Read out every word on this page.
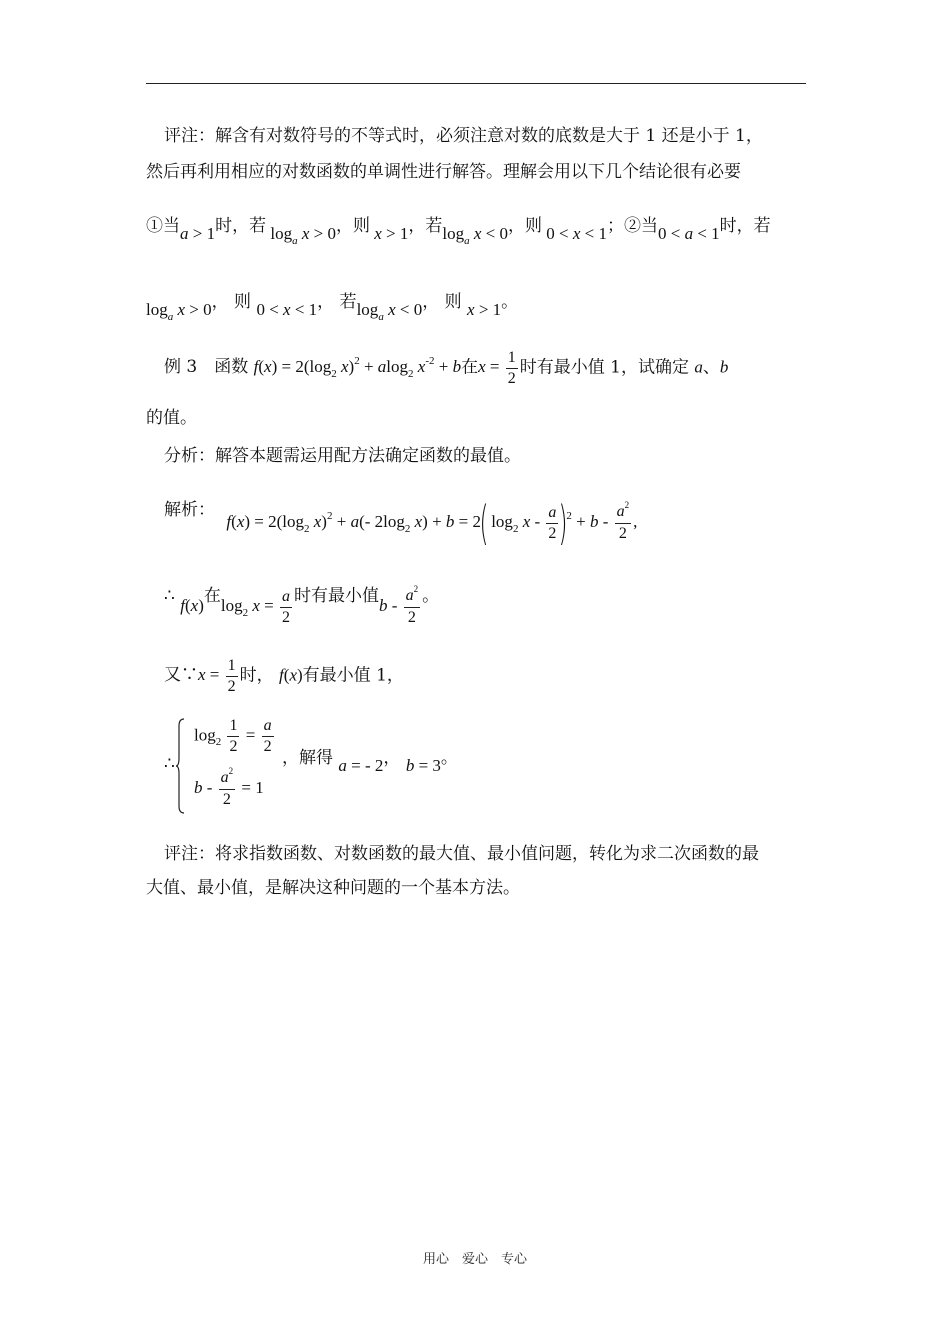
评注：解含有对数符号的不等式时，必须注意对数的底数是大于 1 还是小于 1，
然后再利用相应的对数函数的单调性进行解答。理解会用以下几个结论很有必要
①当a > 1时，若 $\log_a x > 0$，则 x > 1，若$\log_a x < 0$，则 0 < x < 1；②当0 < a < 1时，若
$\log_a x > 0$， 则 0 < x < 1， 若$\log_a x < 0$， 则 x > 1。
例 3　函数 $f(x) = 2(\log_2$ x)$^2$ + alog$_2$ $x^{-2} + b$在$x = \frac{1}{2}$ 时有最小值 1，试确定 a、b
的值。
分析：解答本题需运用配方法确定函数的最值。
解析： $f(x) = 2(\log_2$ x)$^2$ + a(- $2\log_2$ x) + b = 2( $\log_2 x - \frac{a}{2} )^2 + b - \frac{a^2}{2}$ ,
∴ f(x)在$\log_2 x = \frac{a}{2}$ 时有最小值b - $\frac{a^2}{2}$ 。
又∵x = $\frac{1}{2}$ 时， f(x)有最小值 1，
∴
$\log_2 \frac{1}{2} = \frac{a}{2}$
$b - \frac{a^2}{2} = 1$
，解得 a = - 2， b = 3。
评注：将求指数函数、对数函数的最大值、最小值问题，转化为求二次函数的最
大值、最小值，是解决这种问题的一个基本方法。
用心　爱心　专心
